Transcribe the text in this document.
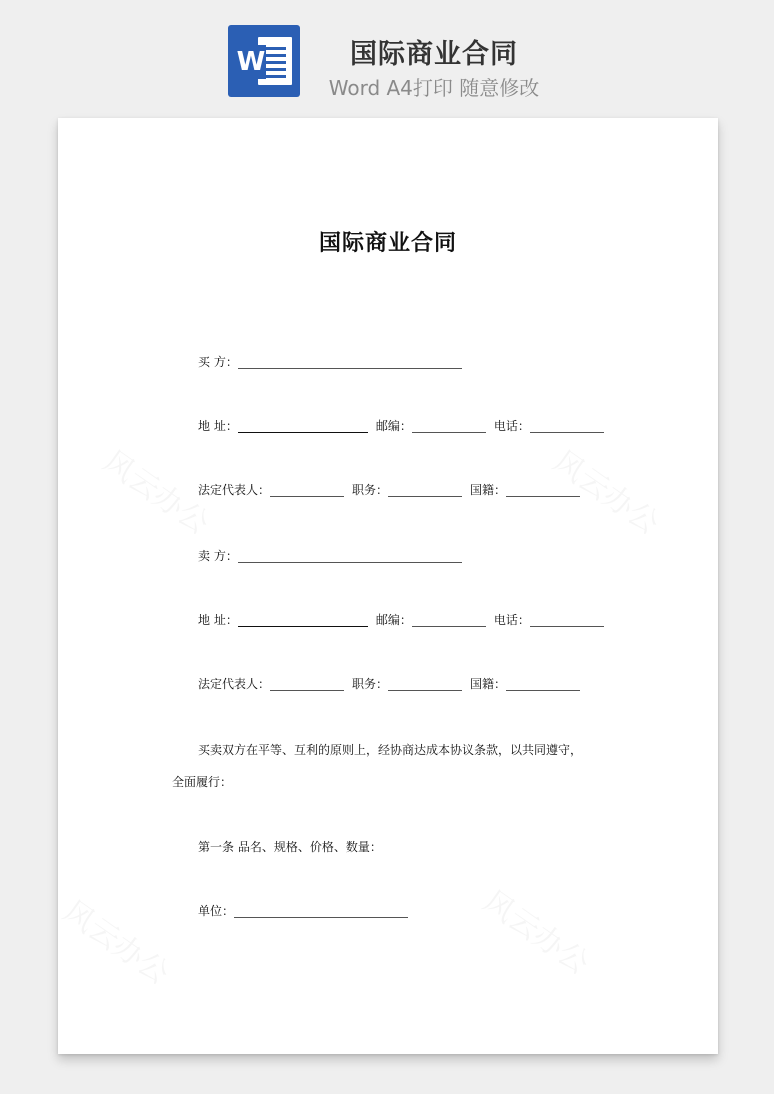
W	国际商业合同
Word A4打印 随意修改
风云办公	风云办公
风云办公	风云办公
国际商业合同
买 方：
地 址：	邮编：	电话：
法定代表人：	职务：	国籍：
卖 方：
地 址：	邮编：	电话：
法定代表人：	职务：	国籍：
买卖双方在平等、互利的原则上，经协商达成本协议条款，以共同遵守，
全面履行：
第一条 品名、规格、价格、数量：
单位：
